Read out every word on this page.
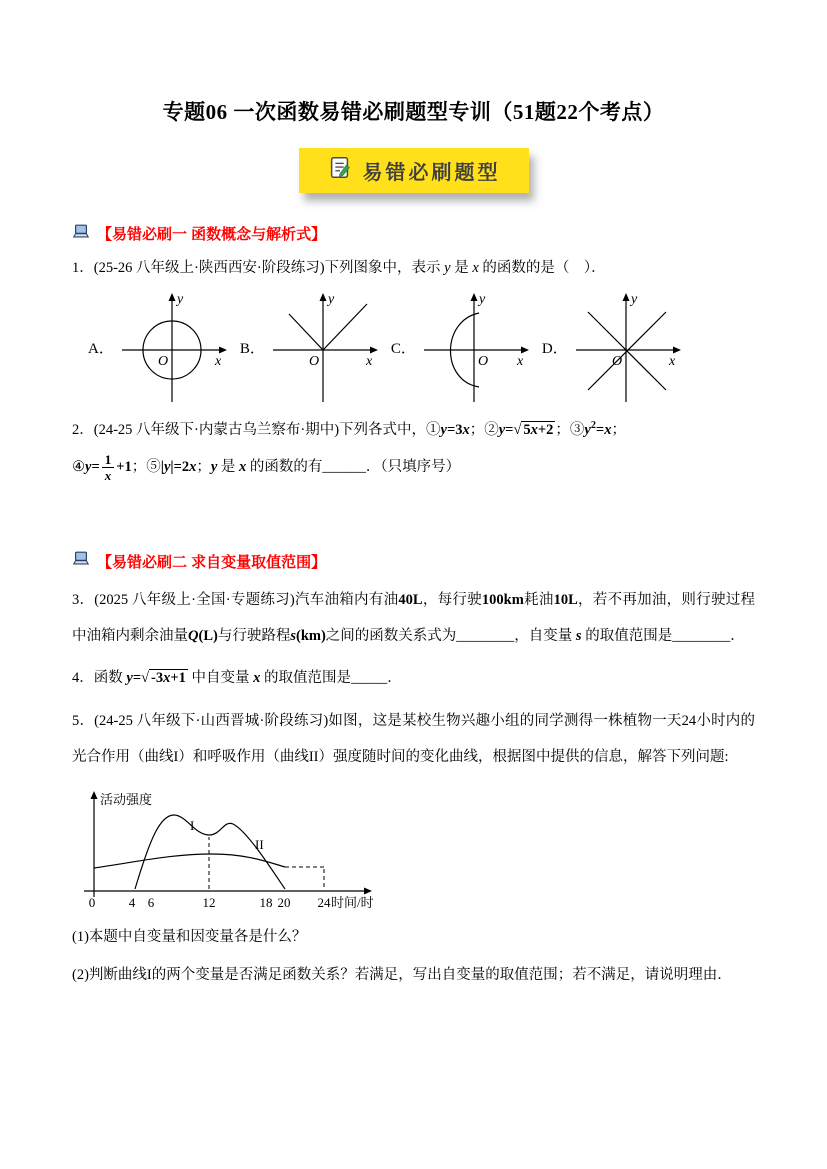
专题06 一次函数易错必刷题型专训（51题22个考点）
易错必刷题型
【易错必刷一 函数概念与解析式】

1．(25-26 八年级上·陕西西安·阶段练习)下列图象中，表示 y 是 x 的函数的是（　）．

A．
x
y
O
B．
x
y
O
C．
x
y
O
D．
x
y
O

2．(24-25 八年级下·内蒙古乌兰察布·期中)下列各式中，①y=3x；②y=√ 5x+2 ；$③y^2=x$；
④y= $\frac{1}{x} +1$；⑤|y|=2x；y 是 x 的函数的有______．（只填序号）

【易错必刷二 求自变量取值范围】

3．(2025 八年级上·全国·专题练习)汽车油箱内有油40L，每行驶100km耗油10L，若不再加油，则行驶过程中油箱内剩余油量Q(L)与行驶路程s(km)之间的函数关系式为________，自变量 s 的取值范围是________．

4．函数 y=√ -3x+1 中自变量 x 的取值范围是_____．

5．(24-25 八年级下·山西晋城·阶段练习)如图，这是某校生物兴趣小组的同学测得一株植物一天24小时内的光合作用（曲线I）和呼吸作用（曲线II）强度随时间的变化曲线，根据图中提供的信息，解答下列问题:

活动强度
时间/时
I
II
0	4 6	12	18 20 24

(1)本题中自变量和因变量各是什么？

(2)判断曲线I的两个变量是否满足函数关系？若满足，写出自变量的取值范围；若不满足，请说明理由．
